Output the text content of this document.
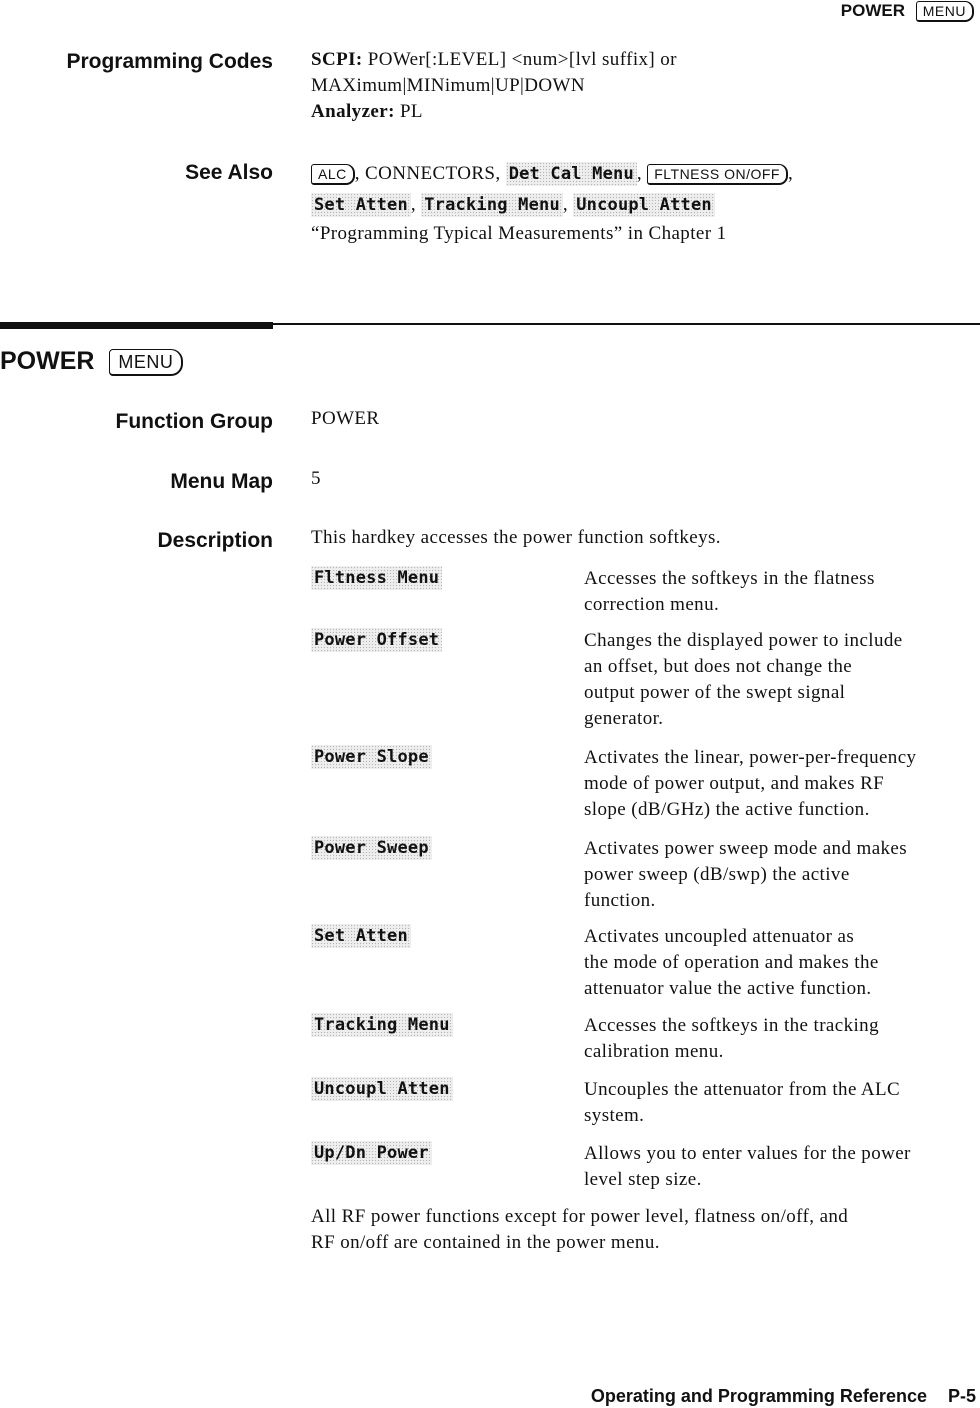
POWER MENU
Programming Codes SCPI: POWer[:LEVEL] <num>[lvl suffix] or
MAXimum|MINimum|UP|DOWN
Analyzer: PL
See Also	ALC , CONNECTORS, Det Cal Menu , FLTNESS ON/OFF ,
Set Atten , Tracking Menu , Uncoupl Atten
“Programming Typical Measurements” in Chapter 1
POWER MENU
Function Group POWER
Menu Map 5
Description This hardkey accesses the power function softkeys.
Fltness Menu	Accesses the softkeys in the flatness
correction menu.
Power Offset	Changes the displayed power to include
an offset, but does not change the
output power of the swept signal
generator.
Power Slope	Activates the linear, power-per-frequency
mode of power output, and makes RF
slope (dB/GHz) the active function.
Power Sweep	Activates power sweep mode and makes
power sweep (dB/swp) the active
function.
Set Atten	Activates uncoupled attenuator as
the mode of operation and makes the
attenuator value the active function.
Tracking Menu	Accesses the softkeys in the tracking
calibration menu.
Uncoupl Atten	Uncouples the attenuator from the ALC
system.
Up/Dn Power	Allows you to enter values for the power
level step size.
All RF power functions except for power level, flatness on/off, and
RF on/off are contained in the power menu.
Operating and Programming Reference P-5
